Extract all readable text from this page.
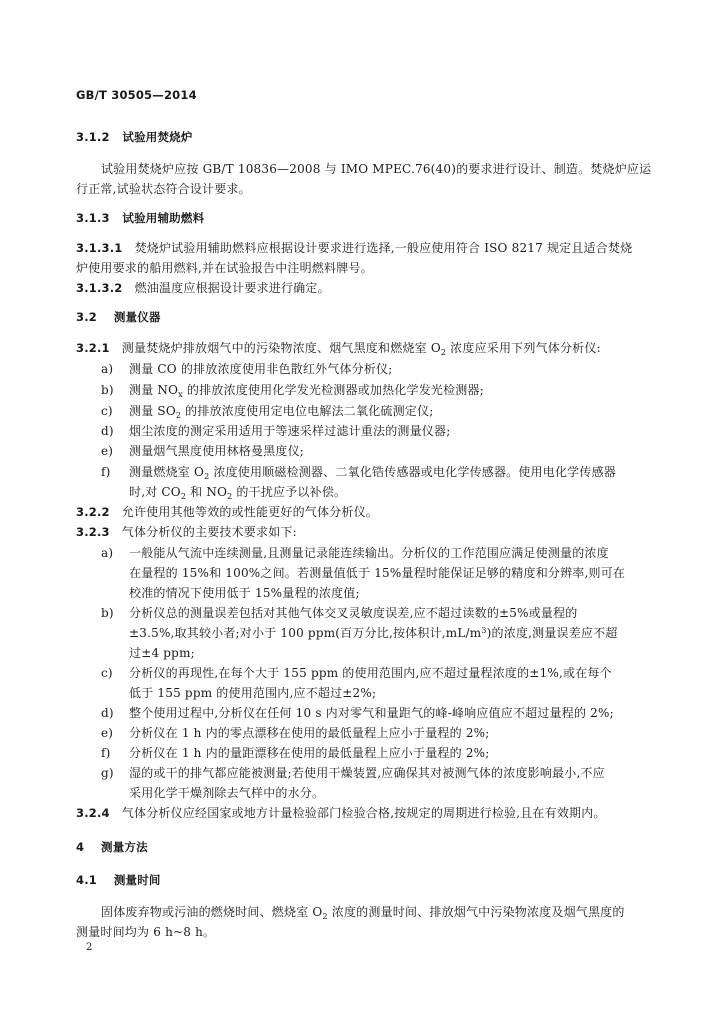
GB/T 30505—2014
3.1.2 试验用焚烧炉
试验用焚烧炉应按 GB/T 10836—2008 与 IMO MPEC.76(40)的要求进行设计、制造。焚烧炉应运
行正常,试验状态符合设计要求。
3.1.3 试验用辅助燃料
3.1.3.1 焚烧炉试验用辅助燃料应根据设计要求进行选择,一般应使用符合 ISO 8217 规定且适合焚烧
炉使用要求的船用燃料,并在试验报告中注明燃料牌号。
3.1.3.2 燃油温度应根据设计要求进行确定。
3.2 测量仪器
3.2.1 测量焚烧炉排放烟气中的污染物浓度、烟气黑度和燃烧室 $O_2$ 浓度应采用下列气体分析仪:
a) 测量 CO 的排放浓度使用非色散红外气体分析仪;
b) 测量 $NO_x$ 的排放浓度使用化学发光检测器或加热化学发光检测器;
c) 测量 $SO_2$ 的排放浓度使用定电位电解法二氧化硫测定仪;
d) 烟尘浓度的测定采用适用于等速采样过滤计重法的测量仪器;
e) 测量烟气黑度使用林格曼黑度仪;
f) 测量燃烧室 $O_2$ 浓度使用顺磁检测器、二氧化锆传感器或电化学传感器。使用电化学传感器
时,对 $CO_2$ 和 $NO_2$ 的干扰应予以补偿。
3.2.2 允许使用其他等效的或性能更好的气体分析仪。
3.2.3 气体分析仪的主要技术要求如下:
a) 一般能从气流中连续测量,且测量记录能连续输出。分析仪的工作范围应满足使测量的浓度
在量程的 15%和 100%之间。若测量值低于 15%量程时能保证足够的精度和分辨率,则可在
校准的情况下使用低于 15%量程的浓度值;
b) 分析仪总的测量误差包括对其他气体交叉灵敏度误差,应不超过读数的±5%或量程的
±3.5%,取其较小者;对小于 100 ppm(百万分比,按体积计$,mL/m^3$)的浓度,测量误差应不超
过±4 ppm;
c) 分析仪的再现性,在每个大于 155 ppm 的使用范围内,应不超过量程浓度的±1%,或在每个
低于 155 ppm 的使用范围内,应不超过±2%;
d) 整个使用过程中,分析仪在任何 10 s 内对零气和量距气的峰-峰响应值应不超过量程的 2%;
e) 分析仪在 1 h 内的零点漂移在使用的最低量程上应小于量程的 2%;
f) 分析仪在 1 h 内的量距漂移在使用的最低量程上应小于量程的 2%;
g) 湿的或干的排气都应能被测量;若使用干燥装置,应确保其对被测气体的浓度影响最小,不应
采用化学干燥剂除去气样中的水分。
3.2.4 气体分析仪应经国家或地方计量检验部门检验合格,按规定的周期进行检验,且在有效期内。
4 测量方法
4.1 测量时间
固体废弃物或污油的燃烧时间、燃烧室 $O_2$ 浓度的测量时间、排放烟气中污染物浓度及烟气黑度的
测量时间均为 6 h~8 h。
2
